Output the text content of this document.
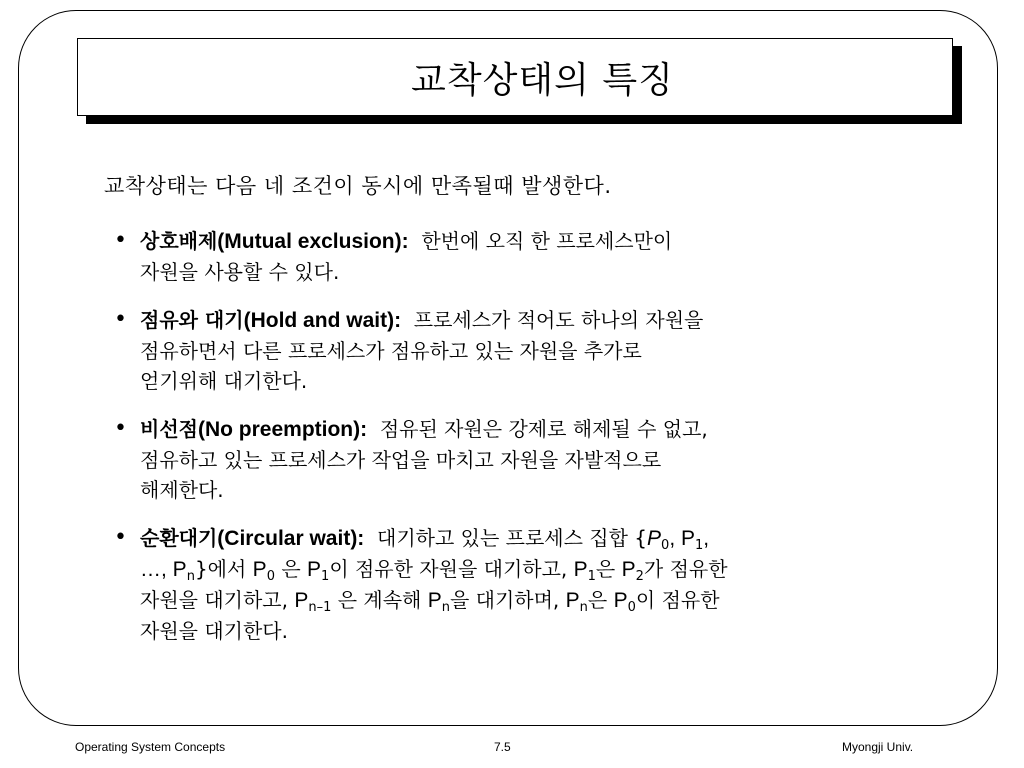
교착상태의 특징
교착상태는 다음 네 조건이 동시에 만족될때 발생한다.
• 상호배제(Mutual exclusion): 한번에 오직 한 프로세스만이
자원을 사용할 수 있다.
• 점유와 대기(Hold and wait): 프로세스가 적어도 하나의 자원을
점유하면서 다른 프로세스가 점유하고 있는 자원을 추가로
얻기위해 대기한다.
• 비선점(No preemption): 점유된 자원은 강제로 해제될 수 없고,
점유하고 있는 프로세스가 작업을 마치고 자원을 자발적으로
해제한다.
• 순환대기(Circular wait): 대기하고 있는 프로세스 집합 {$P_0$, $P_1$,
…, $P_n$}에서 $P_0$ 은 $P_1$이 점유한 자원을 대기하고, $P_1$은 $P_2$가 점유한
자원을 대기하고, $P_{n-1}$ 은 계속해 $P_n$을 대기하며, $P_n$은 $P_0$이 점유한
자원을 대기한다.
Operating System Concepts	7.5	Myongji Univ.
